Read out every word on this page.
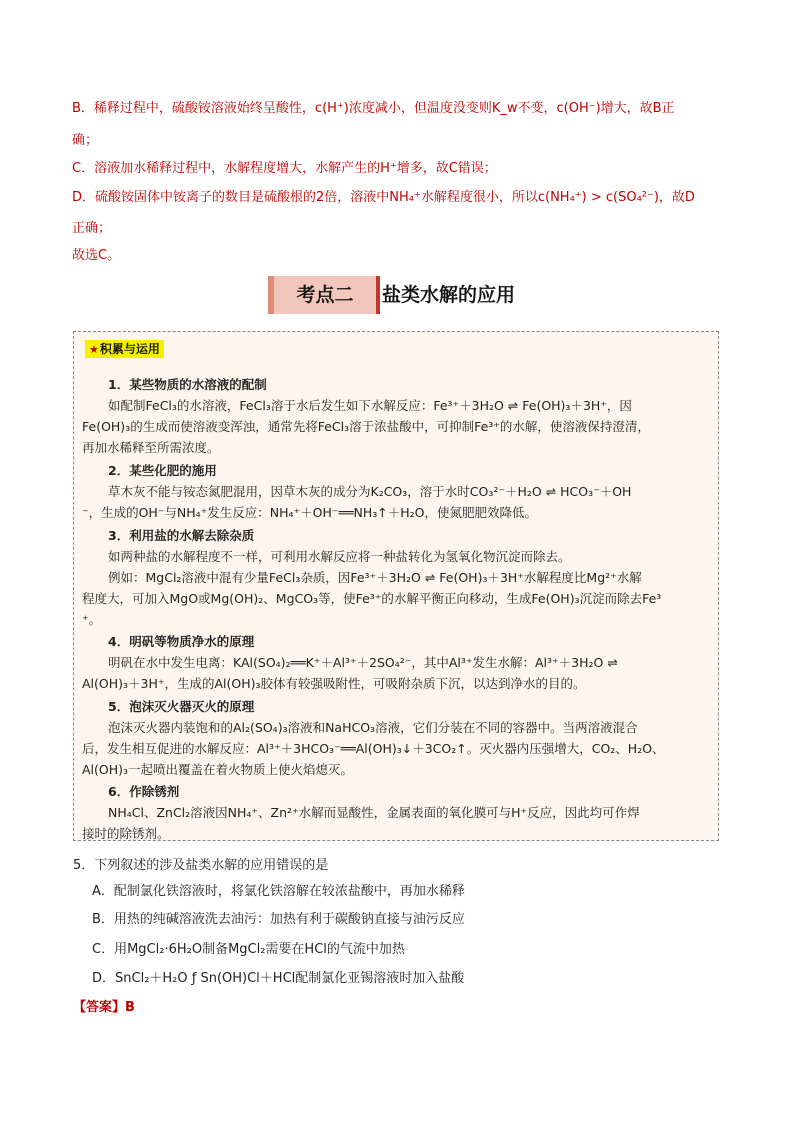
B．稀释过程中，硫酸铵溶液始终呈酸性，c(H⁺)浓度减小，但温度没变则K_w不变，c(OH⁻)增大，故B正
确；
C．溶液加水稀释过程中，水解程度增大，水解产生的H⁺增多，故C错误；
D．硫酸铵固体中铵离子的数目是硫酸根的2倍，溶液中NH₄⁺水解程度很小，所以c(NH₄⁺) > c(SO₄²⁻)，故D
正确；
故选C。
考点二	盐类水解的应用
★积累与运用
1．某些物质的水溶液的配制
如配制FeCl₃的水溶液，FeCl₃溶于水后发生如下水解反应：Fe³⁺＋3H₂O ⇌ Fe(OH)₃＋3H⁺，因
Fe(OH)₃的生成而使溶液变浑浊，通常先将FeCl₃溶于浓盐酸中，可抑制Fe³⁺的水解，使溶液保持澄清，
再加水稀释至所需浓度。
2．某些化肥的施用
草木灰不能与铵态氮肥混用，因草木灰的成分为K₂CO₃，溶于水时CO₃²⁻＋H₂O ⇌ HCO₃⁻＋OH
⁻，生成的OH⁻与NH₄⁺发生反应：NH₄⁺＋OH⁻══NH₃↑＋H₂O，使氮肥肥效降低。
3．利用盐的水解去除杂质
如两种盐的水解程度不一样，可利用水解反应将一种盐转化为氢氧化物沉淀而除去。
例如：MgCl₂溶液中混有少量FeCl₃杂质，因Fe³⁺＋3H₂O ⇌ Fe(OH)₃＋3H⁺水解程度比Mg²⁺水解
程度大，可加入MgO或Mg(OH)₂、MgCO₃等，使Fe³⁺的水解平衡正向移动，生成Fe(OH)₃沉淀而除去Fe³
⁺。
4．明矾等物质净水的原理
明矾在水中发生电离：KAl(SO₄)₂══K⁺＋Al³⁺＋2SO₄²⁻，其中Al³⁺发生水解：Al³⁺＋3H₂O ⇌
Al(OH)₃＋3H⁺，生成的Al(OH)₃胶体有较强吸附性，可吸附杂质下沉，以达到净水的目的。
5．泡沫灭火器灭火的原理
泡沫灭火器内装饱和的Al₂(SO₄)₃溶液和NaHCO₃溶液，它们分装在不同的容器中。当两溶液混合
后，发生相互促进的水解反应：Al³⁺＋3HCO₃⁻══Al(OH)₃↓＋3CO₂↑。灭火器内压强增大，CO₂、H₂O、
Al(OH)₃一起喷出覆盖在着火物质上使火焰熄灭。
6．作除锈剂
NH₄Cl、ZnCl₂溶液因NH₄⁺、Zn²⁺水解而显酸性，金属表面的氧化膜可与H⁺反应，因此均可作焊
接时的除锈剂。
5．下列叙述的涉及盐类水解的应用错误的是
A．配制氯化铁溶液时，将氯化铁溶解在较浓盐酸中，再加水稀释
B．用热的纯碱溶液洗去油污：加热有利于碳酸钠直接与油污反应
C．用MgCl₂·6H₂O制备MgCl₂需要在HCl的气流中加热
D．SnCl₂＋H₂O ƒ Sn(OH)Cl＋HCl配制氯化亚锡溶液时加入盐酸
【答案】B
